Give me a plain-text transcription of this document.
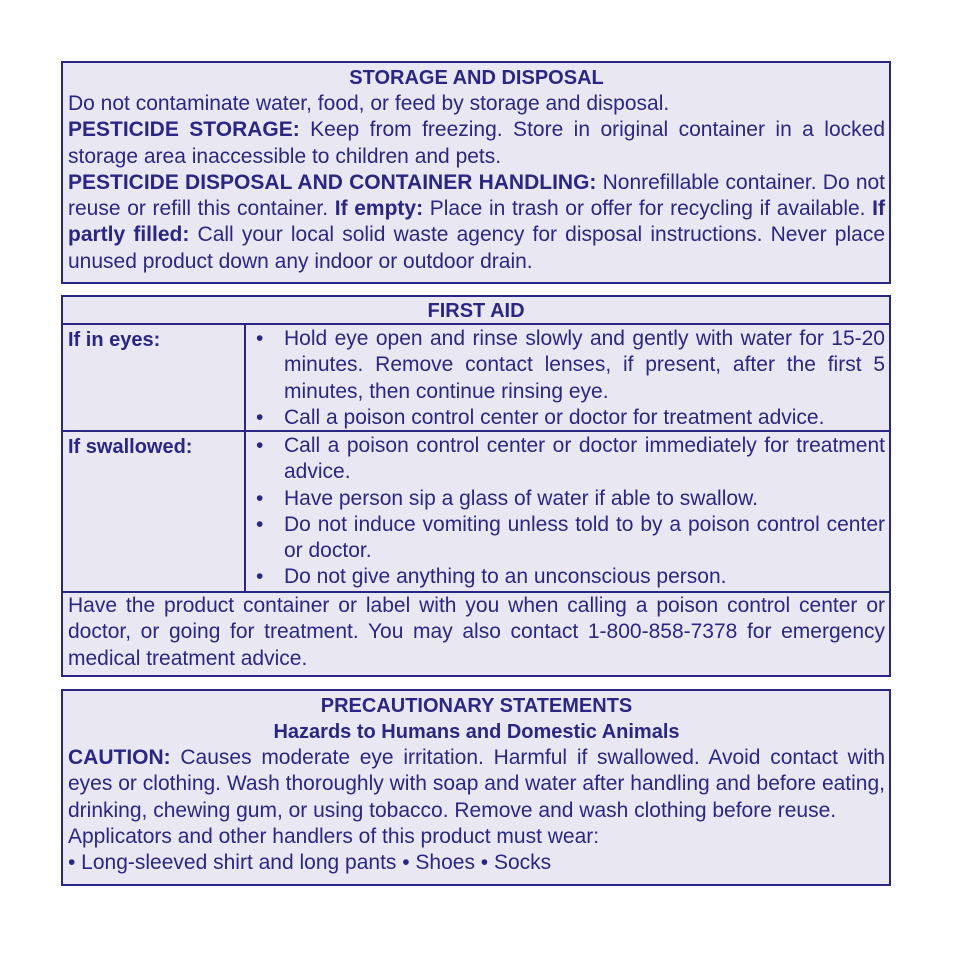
STORAGE AND DISPOSAL

Do not contaminate water, food, or feed by storage and disposal.

PESTICIDE STORAGE: Keep from freezing. Store in original container in a locked storage area inaccessible to children and pets.

PESTICIDE DISPOSAL AND CONTAINER HANDLING: Nonrefillable container. Do not reuse or refill this container. If empty: Place in trash or offer for recycling if available. If partly filled: Call your local solid waste agency for disposal instructions. Never place unused product down any indoor or outdoor drain.

FIRST AID
If in eyes:	• Hold eye open and rinse slowly and gently with water for 15-20 minutes. Remove contact lenses, if present, after the first 5 minutes, then continue rinsing eye.
• Call a poison control center or doctor for treatment advice.
If swallowed:	• Call a poison control center or doctor immediately for treatment advice.
• Have person sip a glass of water if able to swallow.
• Do not induce vomiting unless told to by a poison control center or doctor.
• Do not give anything to an unconscious person.

Have the product container or label with you when calling a poison control center or doctor, or going for treatment. You may also contact 1-800-858-7378 for emergency medical treatment advice.

PRECAUTIONARY STATEMENTS
Hazards to Humans and Domestic Animals

CAUTION: Causes moderate eye irritation. Harmful if swallowed. Avoid contact with eyes or clothing. Wash thoroughly with soap and water after handling and before eating, drinking, chewing gum, or using tobacco. Remove and wash clothing before reuse.

Applicators and other handlers of this product must wear:

• Long-sleeved shirt and long pants • Shoes • Socks
